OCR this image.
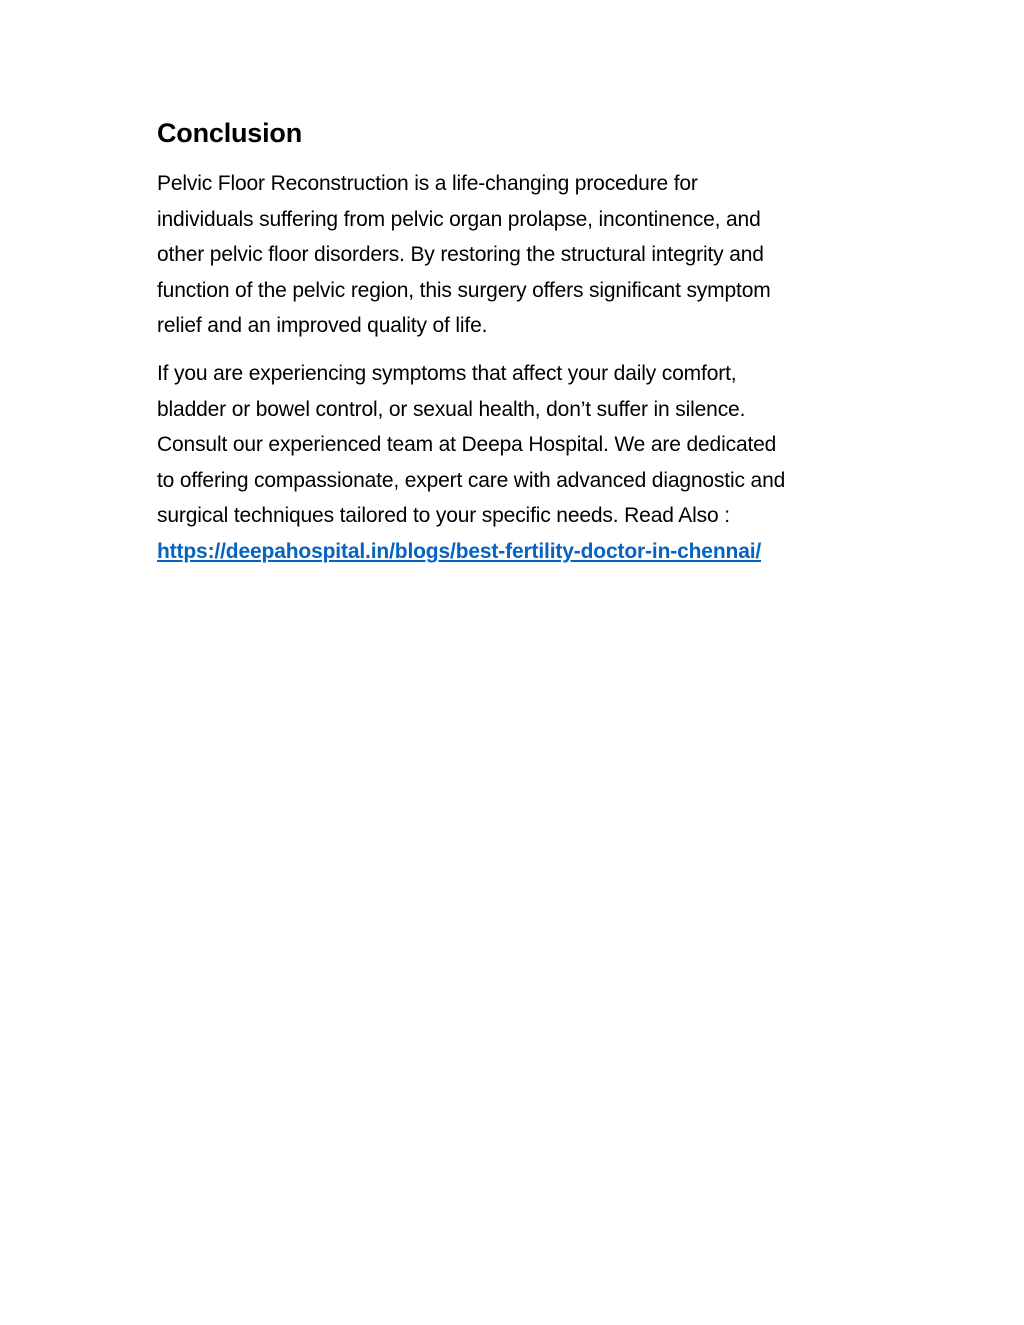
Conclusion

Pelvic Floor Reconstruction is a life-changing procedure for
individuals suffering from pelvic organ prolapse, incontinence, and
other pelvic floor disorders. By restoring the structural integrity and
function of the pelvic region, this surgery offers significant symptom
relief and an improved quality of life.

If you are experiencing symptoms that affect your daily comfort,
bladder or bowel control, or sexual health, don’t suffer in silence.
Consult our experienced team at Deepa Hospital. We are dedicated
to offering compassionate, expert care with advanced diagnostic and
surgical techniques tailored to your specific needs. Read Also :
https://deepahospital.in/blogs/best-fertility-doctor-in-chennai/
